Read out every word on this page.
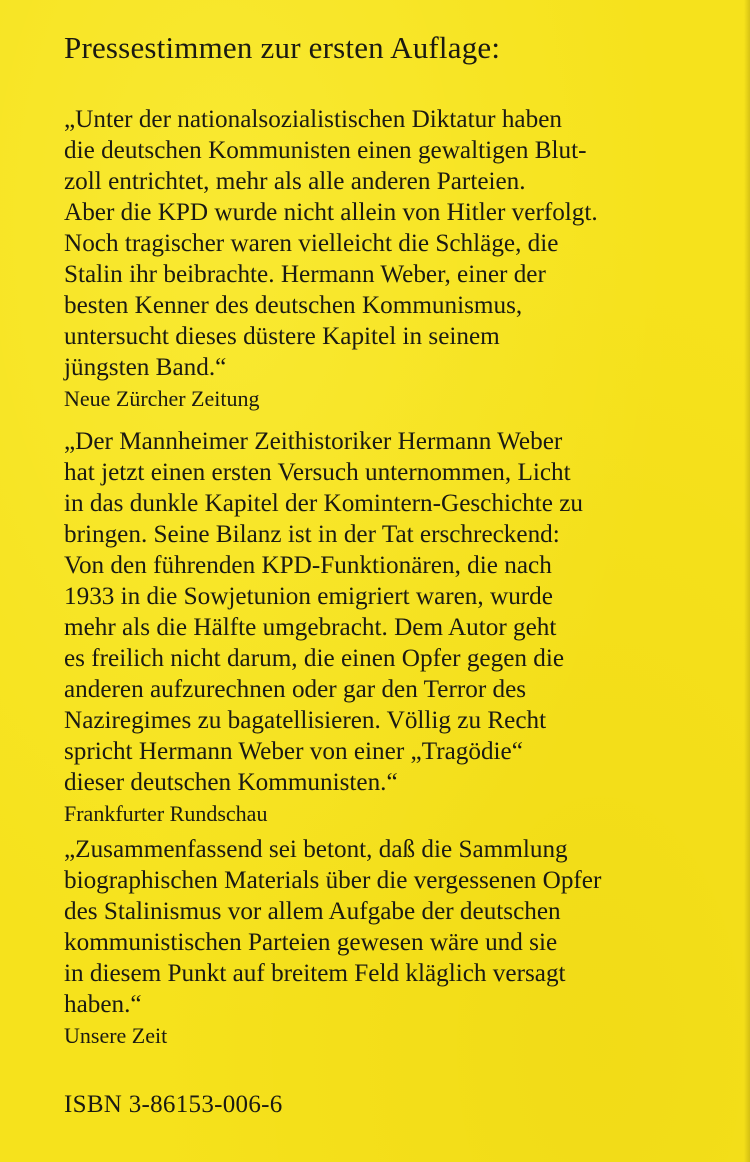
Pressestimmen zur ersten Auflage:

„Unter der nationalsozialistischen Diktatur haben
die deutschen Kommunisten einen gewaltigen Blut-
zoll entrichtet, mehr als alle anderen Parteien.
Aber die KPD wurde nicht allein von Hitler verfolgt.
Noch tragischer waren vielleicht die Schläge, die
Stalin ihr beibrachte. Hermann Weber, einer der
besten Kenner des deutschen Kommunismus,
untersucht dieses düstere Kapitel in seinem
jüngsten Band.“

Neue Zürcher Zeitung

„Der Mannheimer Zeithistoriker Hermann Weber
hat jetzt einen ersten Versuch unternommen, Licht
in das dunkle Kapitel der Komintern-Geschichte zu
bringen. Seine Bilanz ist in der Tat erschreckend:
Von den führenden KPD-Funktionären, die nach
1933 in die Sowjetunion emigriert waren, wurde
mehr als die Hälfte umgebracht. Dem Autor geht
es freilich nicht darum, die einen Opfer gegen die
anderen aufzurechnen oder gar den Terror des
Naziregimes zu bagatellisieren. Völlig zu Recht
spricht Hermann Weber von einer „Tragödie“
dieser deutschen Kommunisten.“

Frankfurter Rundschau

„Zusammenfassend sei betont, daß die Sammlung
biographischen Materials über die vergessenen Opfer
des Stalinismus vor allem Aufgabe der deutschen
kommunistischen Parteien gewesen wäre und sie
in diesem Punkt auf breitem Feld kläglich versagt
haben.“

Unsere Zeit
ISBN 3-86153-006-6
